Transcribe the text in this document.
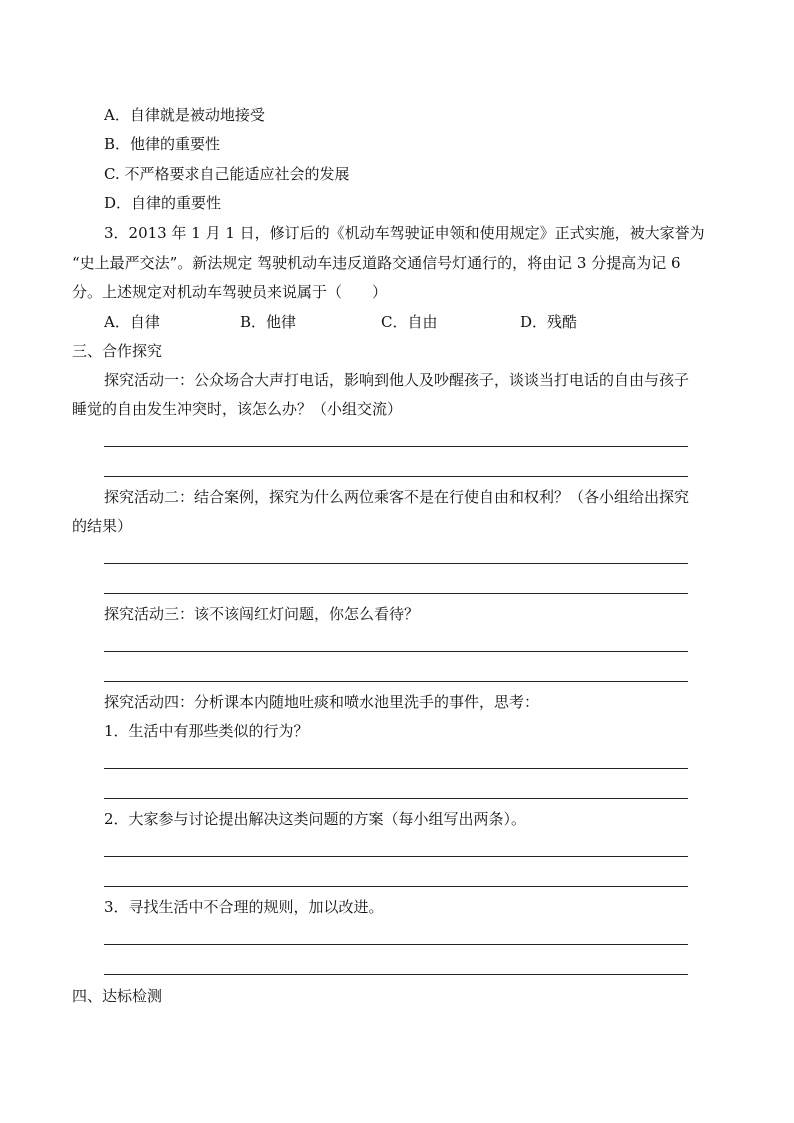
A．自律就是被动地接受
B．他律的重要性
C. 不严格要求自己能适应社会的发展
D．自律的重要性
3．2013 年 1 月 1 日，修订后的《机动车驾驶证申领和使用规定》正式实施，被大家誉为
“史上最严交法”。新法规定 驾驶机动车违反道路交通信号灯通行的，将由记 3 分提高为记 6
分。上述规定对机动车驾驶员来说属于（　　）
A．自律	B．他律	C．自由	D．残酷
三、合作探究
探究活动一：公众场合大声打电话，影响到他人及吵醒孩子，谈谈当打电话的自由与孩子
睡觉的自由发生冲突时，该怎么办？（小组交流）
探究活动二：结合案例，探究为什么两位乘客不是在行使自由和权利？（各小组给出探究
的结果）
探究活动三：该不该闯红灯问题，你怎么看待？
探究活动四：分析课本内随地吐痰和喷水池里洗手的事件，思考：
1．生活中有那些类似的行为？
2．大家参与讨论提出解决这类问题的方案（每小组写出两条）。
3．寻找生活中不合理的规则，加以改进。
四、达标检测
